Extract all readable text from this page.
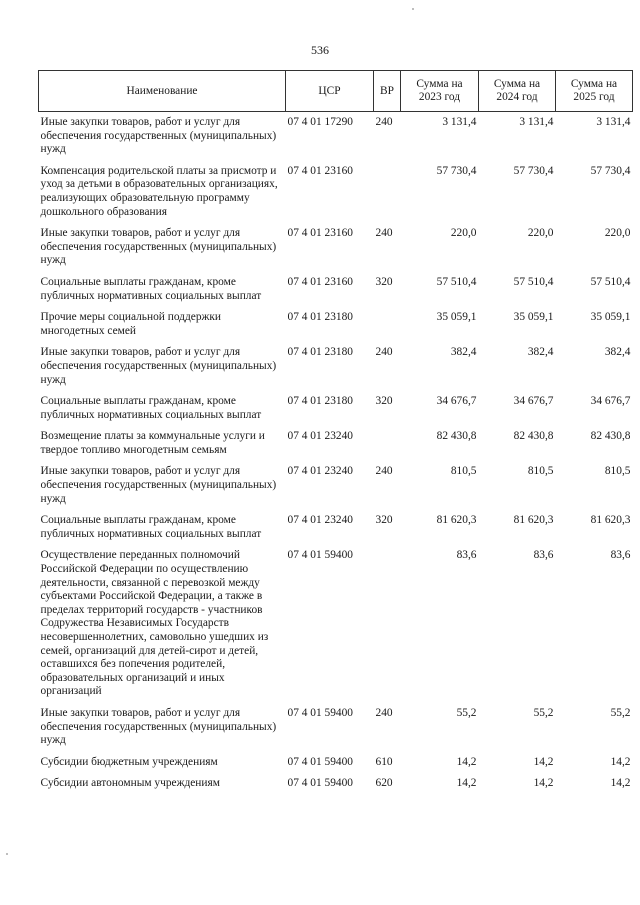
536
Наименование	ЦСР	ВР	Сумма на 2023 год	Сумма на 2024 год	Сумма на 2025 год
Иные закупки товаров, работ и услуг для обеспечения государственных (муниципальных) нужд	07 4 01 17290	240	3 131,4	3 131,4	3 131,4
Компенсация родительской платы за присмотр и уход за детьми в образовательных организациях, реализующих образовательную программу дошкольного образования	07 4 01 23160		57 730,4	57 730,4	57 730,4
Иные закупки товаров, работ и услуг для обеспечения государственных (муниципальных) нужд	07 4 01 23160	240	220,0	220,0	220,0
Социальные выплаты гражданам, кроме публичных нормативных социальных выплат	07 4 01 23160	320	57 510,4	57 510,4	57 510,4
Прочие меры социальной поддержки многодетных семей	07 4 01 23180		35 059,1	35 059,1	35 059,1
Иные закупки товаров, работ и услуг для обеспечения государственных (муниципальных) нужд	07 4 01 23180	240	382,4	382,4	382,4
Социальные выплаты гражданам, кроме публичных нормативных социальных выплат	07 4 01 23180	320	34 676,7	34 676,7	34 676,7
Возмещение платы за коммунальные услуги и твердое топливо многодетным семьям	07 4 01 23240		82 430,8	82 430,8	82 430,8
Иные закупки товаров, работ и услуг для обеспечения государственных (муниципальных) нужд	07 4 01 23240	240	810,5	810,5	810,5
Социальные выплаты гражданам, кроме публичных нормативных социальных выплат	07 4 01 23240	320	81 620,3	81 620,3	81 620,3
Осуществление переданных полномочий Российской Федерации по осуществлению деятельности, связанной с перевозкой между субъектами Российской Федерации, а также в пределах территорий государств - участников Содружества Независимых Государств несовершеннолетних, самовольно ушедших из семей, организаций для детей-сирот и детей, оставшихся без попечения родителей, образовательных организаций и иных организаций	07 4 01 59400		83,6	83,6	83,6
Иные закупки товаров, работ и услуг для обеспечения государственных (муниципальных) нужд	07 4 01 59400	240	55,2	55,2	55,2
Субсидии бюджетным учреждениям	07 4 01 59400	610	14,2	14,2	14,2
Субсидии автономным учреждениям	07 4 01 59400	620	14,2	14,2	14,2
